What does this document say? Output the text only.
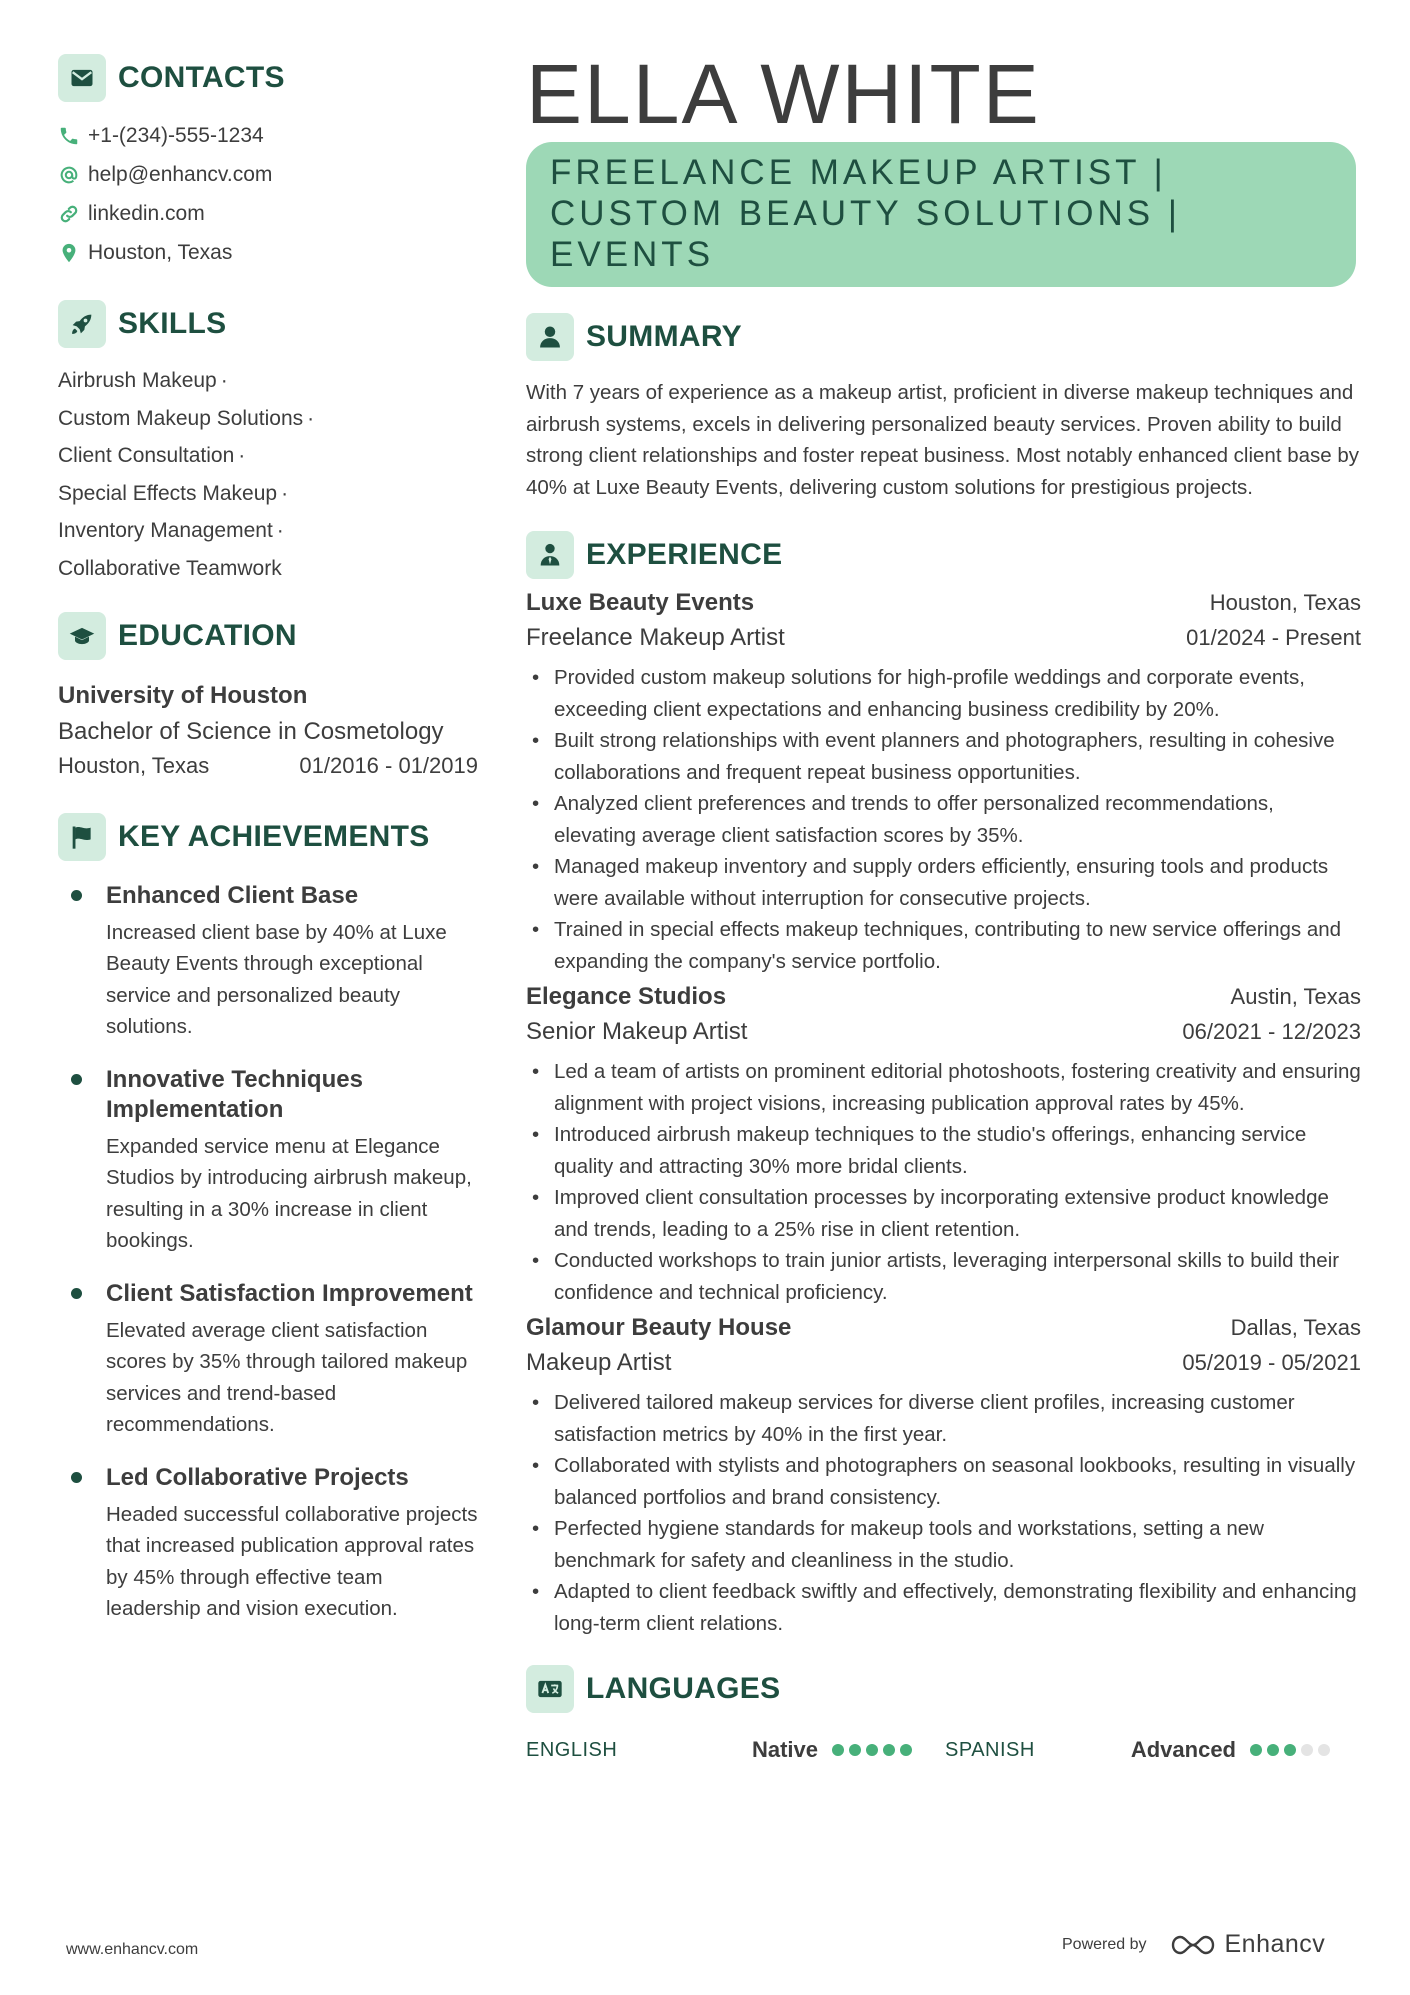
CONTACTS
+1-(234)-555-1234
help@enhancv.com
linkedin.com
Houston, Texas
SKILLS
Airbrush Makeup ·
Custom Makeup Solutions ·
Client Consultation ·
Special Effects Makeup ·
Inventory Management ·
Collaborative Teamwork
EDUCATION
University of Houston
Bachelor of Science in Cosmetology
Houston, Texas	01/2016 - 01/2019
KEY ACHIEVEMENTS
Enhanced Client Base
Increased client base by 40% at Luxe Beauty Events through exceptional service and personalized beauty solutions.
Innovative Techniques Implementation
Expanded service menu at Elegance Studios by introducing airbrush makeup, resulting in a 30% increase in client bookings.
Client Satisfaction Improvement
Elevated average client satisfaction scores by 35% through tailored makeup services and trend-based recommendations.
Led Collaborative Projects
Headed successful collaborative projects that increased publication approval rates by 45% through effective team leadership and vision execution.
ELLA WHITE
FREELANCE MAKEUP ARTIST | CUSTOM BEAUTY SOLUTIONS | EVENTS
SUMMARY
With 7 years of experience as a makeup artist, proficient in diverse makeup techniques and airbrush systems, excels in delivering personalized beauty services. Proven ability to build strong client relationships and foster repeat business. Most notably enhanced client base by 40% at Luxe Beauty Events, delivering custom solutions for prestigious projects.
EXPERIENCE
Luxe Beauty Events	Houston, Texas
Freelance Makeup Artist	01/2024 - Present
• Provided custom makeup solutions for high-profile weddings and corporate events, exceeding client expectations and enhancing business credibility by 20%.
• Built strong relationships with event planners and photographers, resulting in cohesive collaborations and frequent repeat business opportunities.
• Analyzed client preferences and trends to offer personalized recommendations, elevating average client satisfaction scores by 35%.
• Managed makeup inventory and supply orders efficiently, ensuring tools and products were available without interruption for consecutive projects.
• Trained in special effects makeup techniques, contributing to new service offerings and expanding the company's service portfolio.
Elegance Studios	Austin, Texas
Senior Makeup Artist	06/2021 - 12/2023
• Led a team of artists on prominent editorial photoshoots, fostering creativity and ensuring alignment with project visions, increasing publication approval rates by 45%.
• Introduced airbrush makeup techniques to the studio's offerings, enhancing service quality and attracting 30% more bridal clients.
• Improved client consultation processes by incorporating extensive product knowledge and trends, leading to a 25% rise in client retention.
• Conducted workshops to train junior artists, leveraging interpersonal skills to build their confidence and technical proficiency.
Glamour Beauty House	Dallas, Texas
Makeup Artist	05/2019 - 05/2021
• Delivered tailored makeup services for diverse client profiles, increasing customer satisfaction metrics by 40% in the first year.
• Collaborated with stylists and photographers on seasonal lookbooks, resulting in visually balanced portfolios and brand consistency.
• Perfected hygiene standards for makeup tools and workstations, setting a new benchmark for safety and cleanliness in the studio.
• Adapted to client feedback swiftly and effectively, demonstrating flexibility and enhancing long-term client relations.
LANGUAGES
ENGLISH	Native	SPANISH	Advanced
www.enhancv.com	Powered by	Enhancv
